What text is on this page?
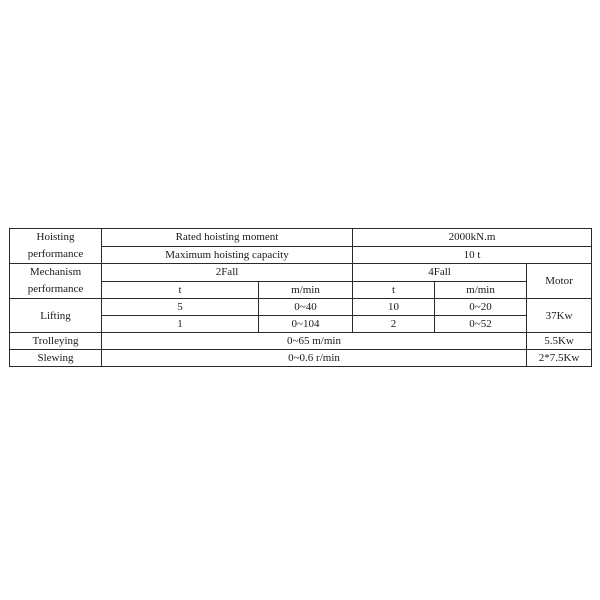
Hoisting
performance	Rated hoisting moment		2000kN.m		
	Maximum hoisting capacity		10 t		

Mechanism
performance	2Fall		4Fall		Motor
	t	m/min	t	m/min	
Lifting	5	0~40	10	0~20	37Kw
	1	0~104	2	0~52	
Trolleying	0~65 m/min				5.5Kw
Slewing	0~0.6 r/min				2*7.5Kw
